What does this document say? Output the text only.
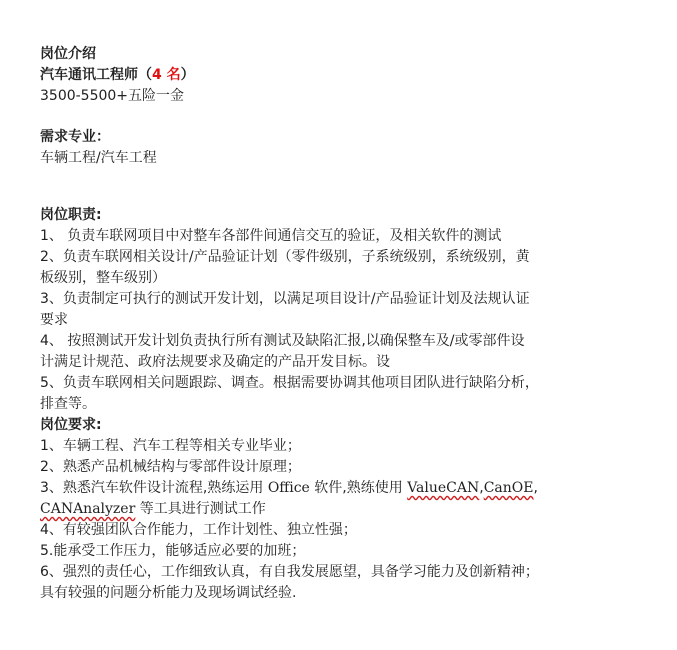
岗位介绍
汽车通讯工程师（4 名）
3500-5500+五险一金
需求专业：
车辆工程/汽车工程
岗位职责:
1、 负责车联网项目中对整车各部件间通信交互的验证，及相关软件的测试
2、负责车联网相关设计/产品验证计划（零件级别，子系统级别，系统级别，黄
板级别，整车级别）
3、负责制定可执行的测试开发计划，以满足项目设计/产品验证计划及法规认证
要求
4、 按照测试开发计划负责执行所有测试及缺陷汇报,以确保整车及/或零部件设
计满足计规范、政府法规要求及确定的产品开发目标。设
5、负责车联网相关问题跟踪、调查。根据需要协调其他项目团队进行缺陷分析，
排查等。
岗位要求:
1、车辆工程、汽车工程等相关专业毕业；
2、熟悉产品机械结构与零部件设计原理；
3、熟悉汽车软件设计流程,熟练运用 Office 软件,熟练使用 ValueCAN,CanOE,
CANAnalyzer 等工具进行测试工作
4、有较强团队合作能力，工作计划性、独立性强；
5.能承受工作压力，能够适应必要的加班；
6、强烈的责任心，工作细致认真，有自我发展愿望，具备学习能力及创新精神；
具有较强的问题分析能力及现场调试经验.
